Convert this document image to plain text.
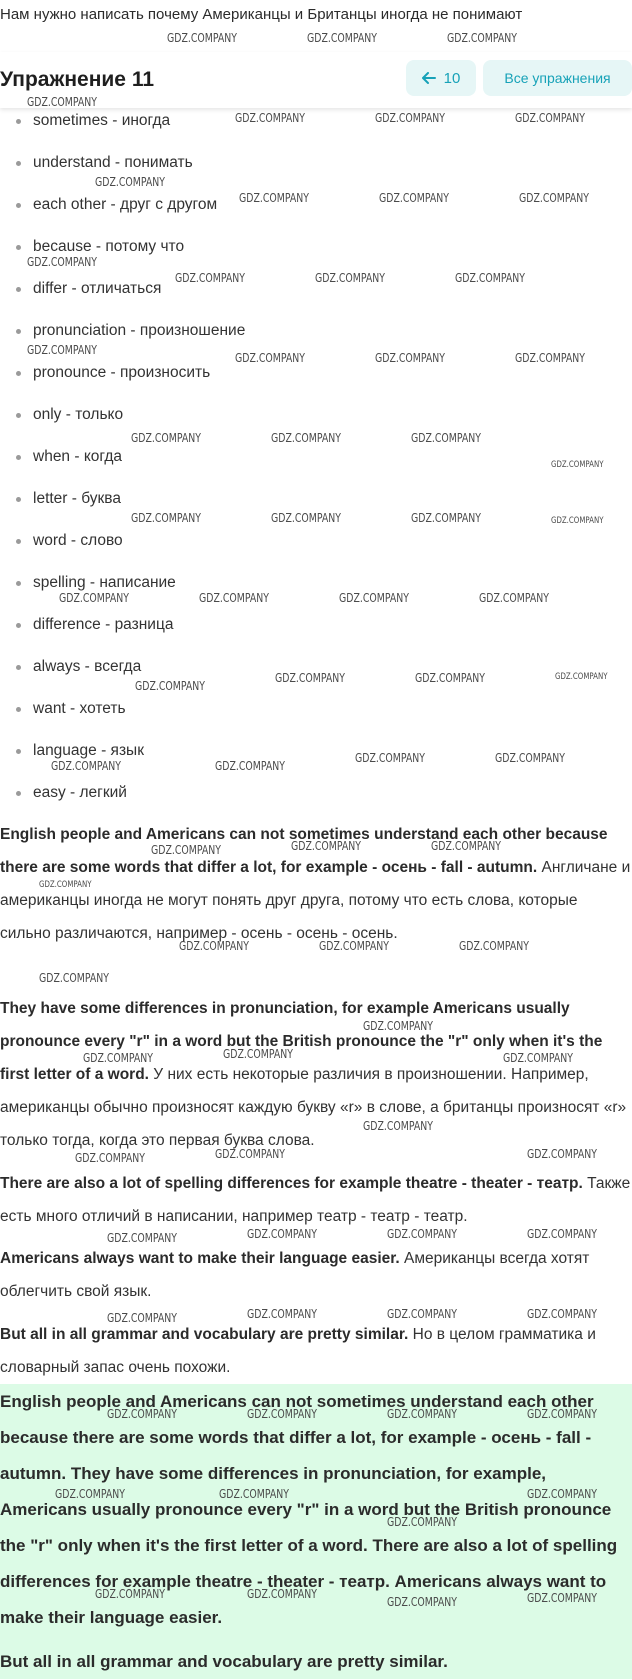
Нам нужно написать почему Американцы и Британцы иногда не понимают
Упражнение 11	10	Все упражнения
sometimes - иногда
understand - понимать
each other - друг с другом
because - потому что
differ - отличаться
pronunciation - произношение
pronounce - произносить
only - только
when - когда
letter - буква
word - слово
spelling - написание
difference - разница
always - всегда
want - хотеть
language - язык
easy - легкий
English people and Americans can not sometimes understand each other because there are some words that differ a lot, for example - осень - fall - autumn. Англичане и американцы иногда не могут понять друг друга, потому что есть слова, которые сильно различаются, например - осень - осень - осень.
They have some differences in pronunciation, for example Americans usually pronounce every "r" in a word but the British pronounce the "r" only when it's the first letter of a word. У них есть некоторые различия в произношении. Например, американцы обычно произносят каждую букву «r» в слове, а британцы произносят «r» только тогда, когда это первая буква слова.
There are also a lot of spelling differences for example theatre - theater - театр. Также есть много отличий в написании, например театр - театр - театр.
Americans always want to make their language easier. Американцы всегда хотят облегчить свой язык.
But all in all grammar and vocabulary are pretty similar. Но в целом грамматика и словарный запас очень похожи.

English people and Americans can not sometimes understand each other because there are some words that differ a lot, for example - осень - fall - autumn. They have some differences in pronunciation, for example, Americans usually pronounce every "r" in a word but the British pronounce the "r" only when it's the first letter of a word. There are also a lot of spelling differences for example theatre - theater - театр. Americans always want to make their language easier.

But all in all grammar and vocabulary are pretty similar.

GDZ.COMPANY	GDZ.COMPANY	GDZ.COMPANY
GDZ.COMPANY
GDZ.COMPANY	GDZ.COMPANY	GDZ.COMPANY
GDZ.COMPANY
GDZ.COMPANY	GDZ.COMPANY	GDZ.COMPANY
GDZ.COMPANY
GDZ.COMPANY	GDZ.COMPANY	GDZ.COMPANY
GDZ.COMPANY
GDZ.COMPANY	GDZ.COMPANY	GDZ.COMPANY
GDZ.COMPANY	GDZ.COMPANY	GDZ.COMPANY
GDZ.COMPANY
GDZ.COMPANY	GDZ.COMPANY	GDZ.COMPANY	GDZ.COMPANY
GDZ.COMPANY	GDZ.COMPANY	GDZ.COMPANY	GDZ.COMPANY
GDZ.COMPANY
GDZ.COMPANY	GDZ.COMPANY	GDZ.COMPANY
GDZ.COMPANY	GDZ.COMPANY
GDZ.COMPANY	GDZ.COMPANY
GDZ.COMPANY	GDZ.COMPANY	GDZ.COMPANY
GDZ.COMPANY
GDZ.COMPANY	GDZ.COMPANY	GDZ.COMPANY
GDZ.COMPANY
GDZ.COMPANY
GDZ.COMPANY	GDZ.COMPANY	GDZ.COMPANY
GDZ.COMPANY
GDZ.COMPANY	GDZ.COMPANY	GDZ.COMPANY
GDZ.COMPANY	GDZ.COMPANY	GDZ.COMPANY	GDZ.COMPANY
GDZ.COMPANY	GDZ.COMPANY	GDZ.COMPANY	GDZ.COMPANY
GDZ.COMPANY	GDZ.COMPANY	GDZ.COMPANY	GDZ.COMPANY
GDZ.COMPANY	GDZ.COMPANY
GDZ.COMPANY
GDZ.COMPANY
GDZ.COMPANY	GDZ.COMPANY
GDZ.COMPANY	GDZ.COMPANY
